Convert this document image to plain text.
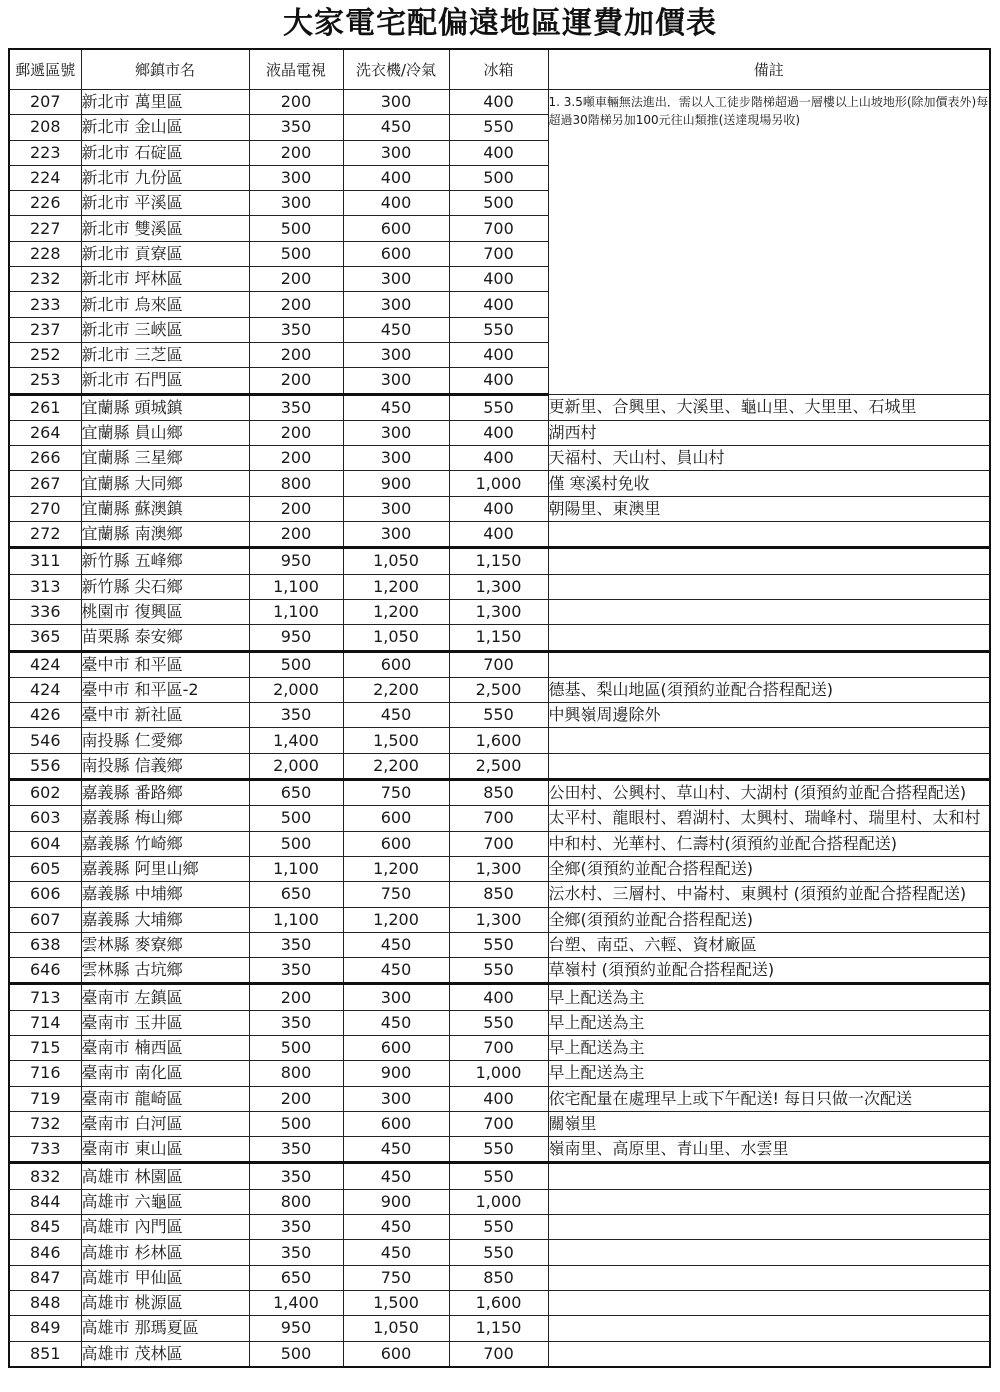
大家電宅配偏遠地區運費加價表
郵遞區號	鄉鎮市名	液晶電視	洗衣機/冷氣	冰箱	備註
207	新北市 萬里區	200	300	400	1. 3.5噸車輛無法進出．需以人工徒步階梯超過一層樓以上山坡地形(除加價表外)每超過30階梯另加100元往山類推(送達現場另收)
208	新北市 金山區	350	450	550	
223	新北市 石碇區	200	300	400	
224	新北市 九份區	300	400	500	
226	新北市 平溪區	300	400	500	
227	新北市 雙溪區	500	600	700	
228	新北市 貢寮區	500	600	700	
232	新北市 坪林區	200	300	400	
233	新北市 烏來區	200	300	400	
237	新北市 三峽區	350	450	550	
252	新北市 三芝區	200	300	400	
253	新北市 石門區	200	300	400	
261	宜蘭縣 頭城鎮	350	450	550	更新里、合興里、大溪里、龜山里、大里里、石城里
264	宜蘭縣 員山鄉	200	300	400	湖西村
266	宜蘭縣 三星鄉	200	300	400	天福村、天山村、員山村
267	宜蘭縣 大同鄉	800	900	1,000	僅 寒溪村免收
270	宜蘭縣 蘇澳鎮	200	300	400	朝陽里、東澳里
272	宜蘭縣 南澳鄉	200	300	400	
311	新竹縣 五峰鄉	950	1,050	1,150	
313	新竹縣 尖石鄉	1,100	1,200	1,300	
336	桃園市 復興區	1,100	1,200	1,300	
365	苗栗縣 泰安鄉	950	1,050	1,150	
424	臺中市 和平區	500	600	700	
424	臺中市 和平區-2	2,000	2,200	2,500	德基、梨山地區(須預約並配合搭程配送)
426	臺中市 新社區	350	450	550	中興嶺周邊除外
546	南投縣 仁愛鄉	1,400	1,500	1,600	
556	南投縣 信義鄉	2,000	2,200	2,500	
602	嘉義縣 番路鄉	650	750	850	公田村、公興村、草山村、大湖村 (須預約並配合搭程配送)
603	嘉義縣 梅山鄉	500	600	700	太平村、龍眼村、碧湖村、太興村、瑞峰村、瑞里村、太和村
604	嘉義縣 竹崎鄉	500	600	700	中和村、光華村、仁壽村(須預約並配合搭程配送)
605	嘉義縣 阿里山鄉	1,100	1,200	1,300	全鄉(須預約並配合搭程配送)
606	嘉義縣 中埔鄉	650	750	850	沄水村、三層村、中崙村、東興村 (須預約並配合搭程配送)
607	嘉義縣 大埔鄉	1,100	1,200	1,300	全鄉(須預約並配合搭程配送)
638	雲林縣 麥寮鄉	350	450	550	台塑、南亞、六輕、資材廠區
646	雲林縣 古坑鄉	350	450	550	草嶺村 (須預約並配合搭程配送)
713	臺南市 左鎮區	200	300	400	早上配送為主
714	臺南市 玉井區	350	450	550	早上配送為主
715	臺南市 楠西區	500	600	700	早上配送為主
716	臺南市 南化區	800	900	1,000	早上配送為主
719	臺南市 龍崎區	200	300	400	依宅配量在處理早上或下午配送! 每日只做一次配送
732	臺南市 白河區	500	600	700	關嶺里
733	臺南市 東山區	350	450	550	嶺南里、高原里、青山里、水雲里
832	高雄市 林園區	350	450	550	
844	高雄市 六龜區	800	900	1,000	
845	高雄市 內門區	350	450	550	
846	高雄市 杉林區	350	450	550	
847	高雄市 甲仙區	650	750	850	
848	高雄市 桃源區	1,400	1,500	1,600	
849	高雄市 那瑪夏區	950	1,050	1,150	
851	高雄市 茂林區	500	600	700	
